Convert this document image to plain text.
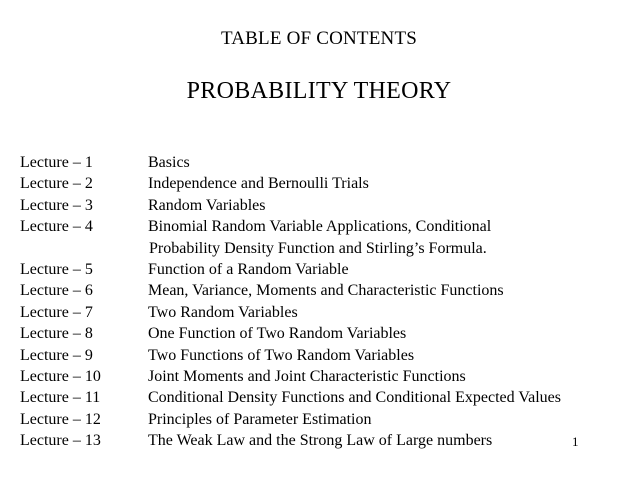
TABLE OF CONTENTS
PROBABILITY THEORY
Lecture – 1	Basics
Lecture – 2	Independence and Bernoulli Trials
Lecture – 3	Random Variables
Lecture – 4	Binomial Random Variable Applications, Conditional
Probability Density Function and Stirling’s Formula.
Lecture – 5	Function of a Random Variable
Lecture – 6	Mean, Variance, Moments and Characteristic Functions
Lecture – 7	Two Random Variables
Lecture – 8	One Function of Two Random Variables
Lecture – 9	Two Functions of Two Random Variables
Lecture – 10	Joint Moments and Joint Characteristic Functions
Lecture – 11	Conditional Density Functions and Conditional Expected Values
Lecture – 12	Principles of Parameter Estimation
Lecture – 13	The Weak Law and the Strong Law of Large numbers	1
